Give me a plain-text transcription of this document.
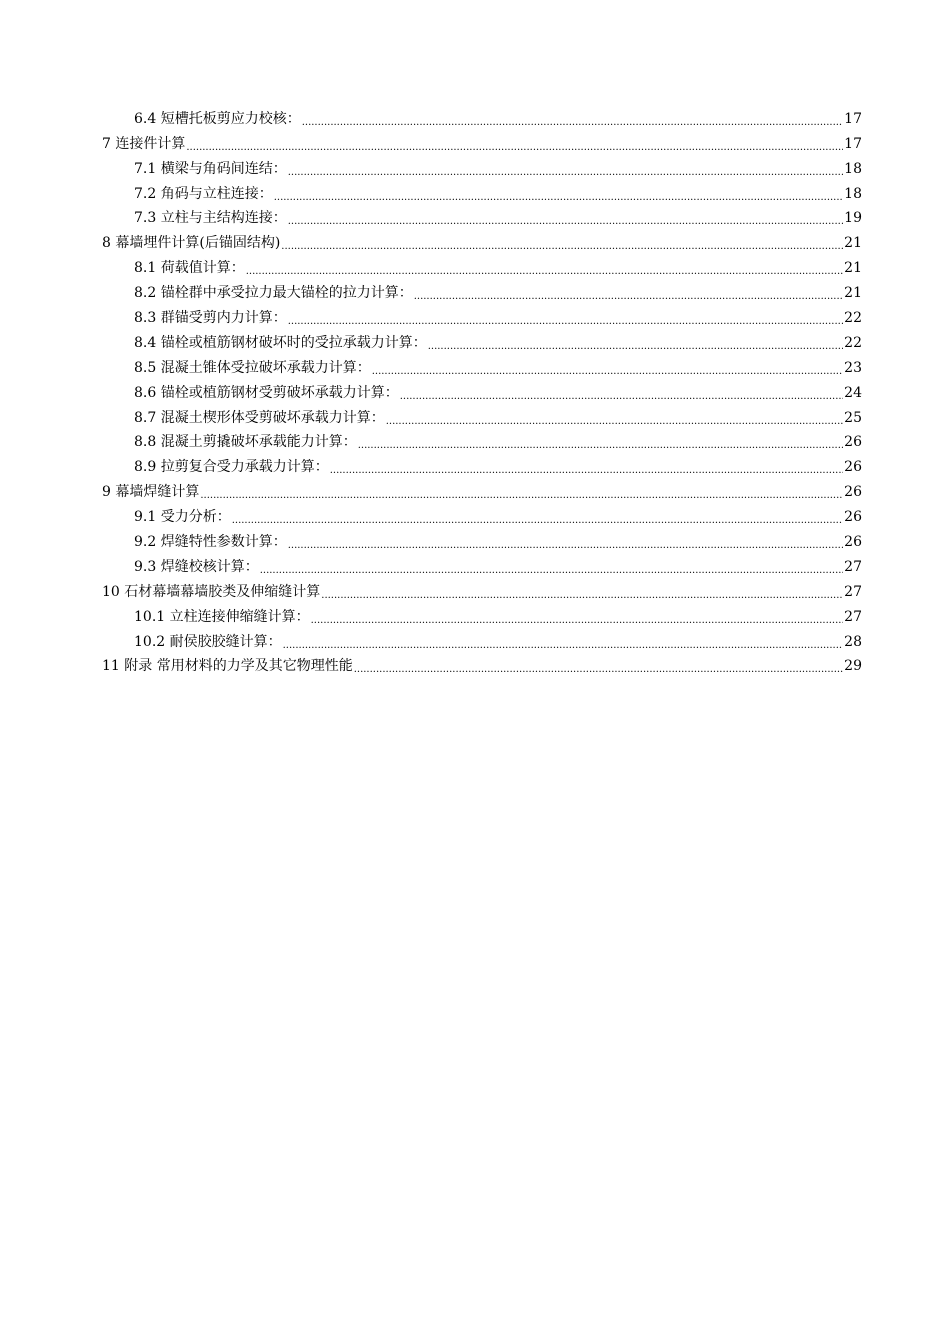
6.4 短槽托板剪应力校核： .....	17
7 连接件计算 .....	17
7.1 横梁与角码间连结： .....	18
7.2 角码与立柱连接： .....	18
7.3 立柱与主结构连接： .....	19
8 幕墙埋件计算(后锚固结构) .....	21
8.1 荷载值计算： .....	21
8.2 锚栓群中承受拉力最大锚栓的拉力计算： .....	21
8.3 群锚受剪内力计算： .....	22
8.4 锚栓或植筋钢材破坏时的受拉承载力计算： .....	22
8.5 混凝土锥体受拉破坏承载力计算： .....	23
8.6 锚栓或植筋钢材受剪破坏承载力计算： .....	24
8.7 混凝土楔形体受剪破坏承载力计算： .....	25
8.8 混凝土剪撬破坏承载能力计算： .....	26
8.9 拉剪复合受力承载力计算： .....	26
9 幕墙焊缝计算 .....	26
9.1 受力分析： .....	26
9.2 焊缝特性参数计算： .....	26
9.3 焊缝校核计算： .....	27
10 石材幕墙幕墙胶类及伸缩缝计算 .....	27
10.1 立柱连接伸缩缝计算： .....	27
10.2 耐侯胶胶缝计算： .....	28
11 附录 常用材料的力学及其它物理性能 .....	29
